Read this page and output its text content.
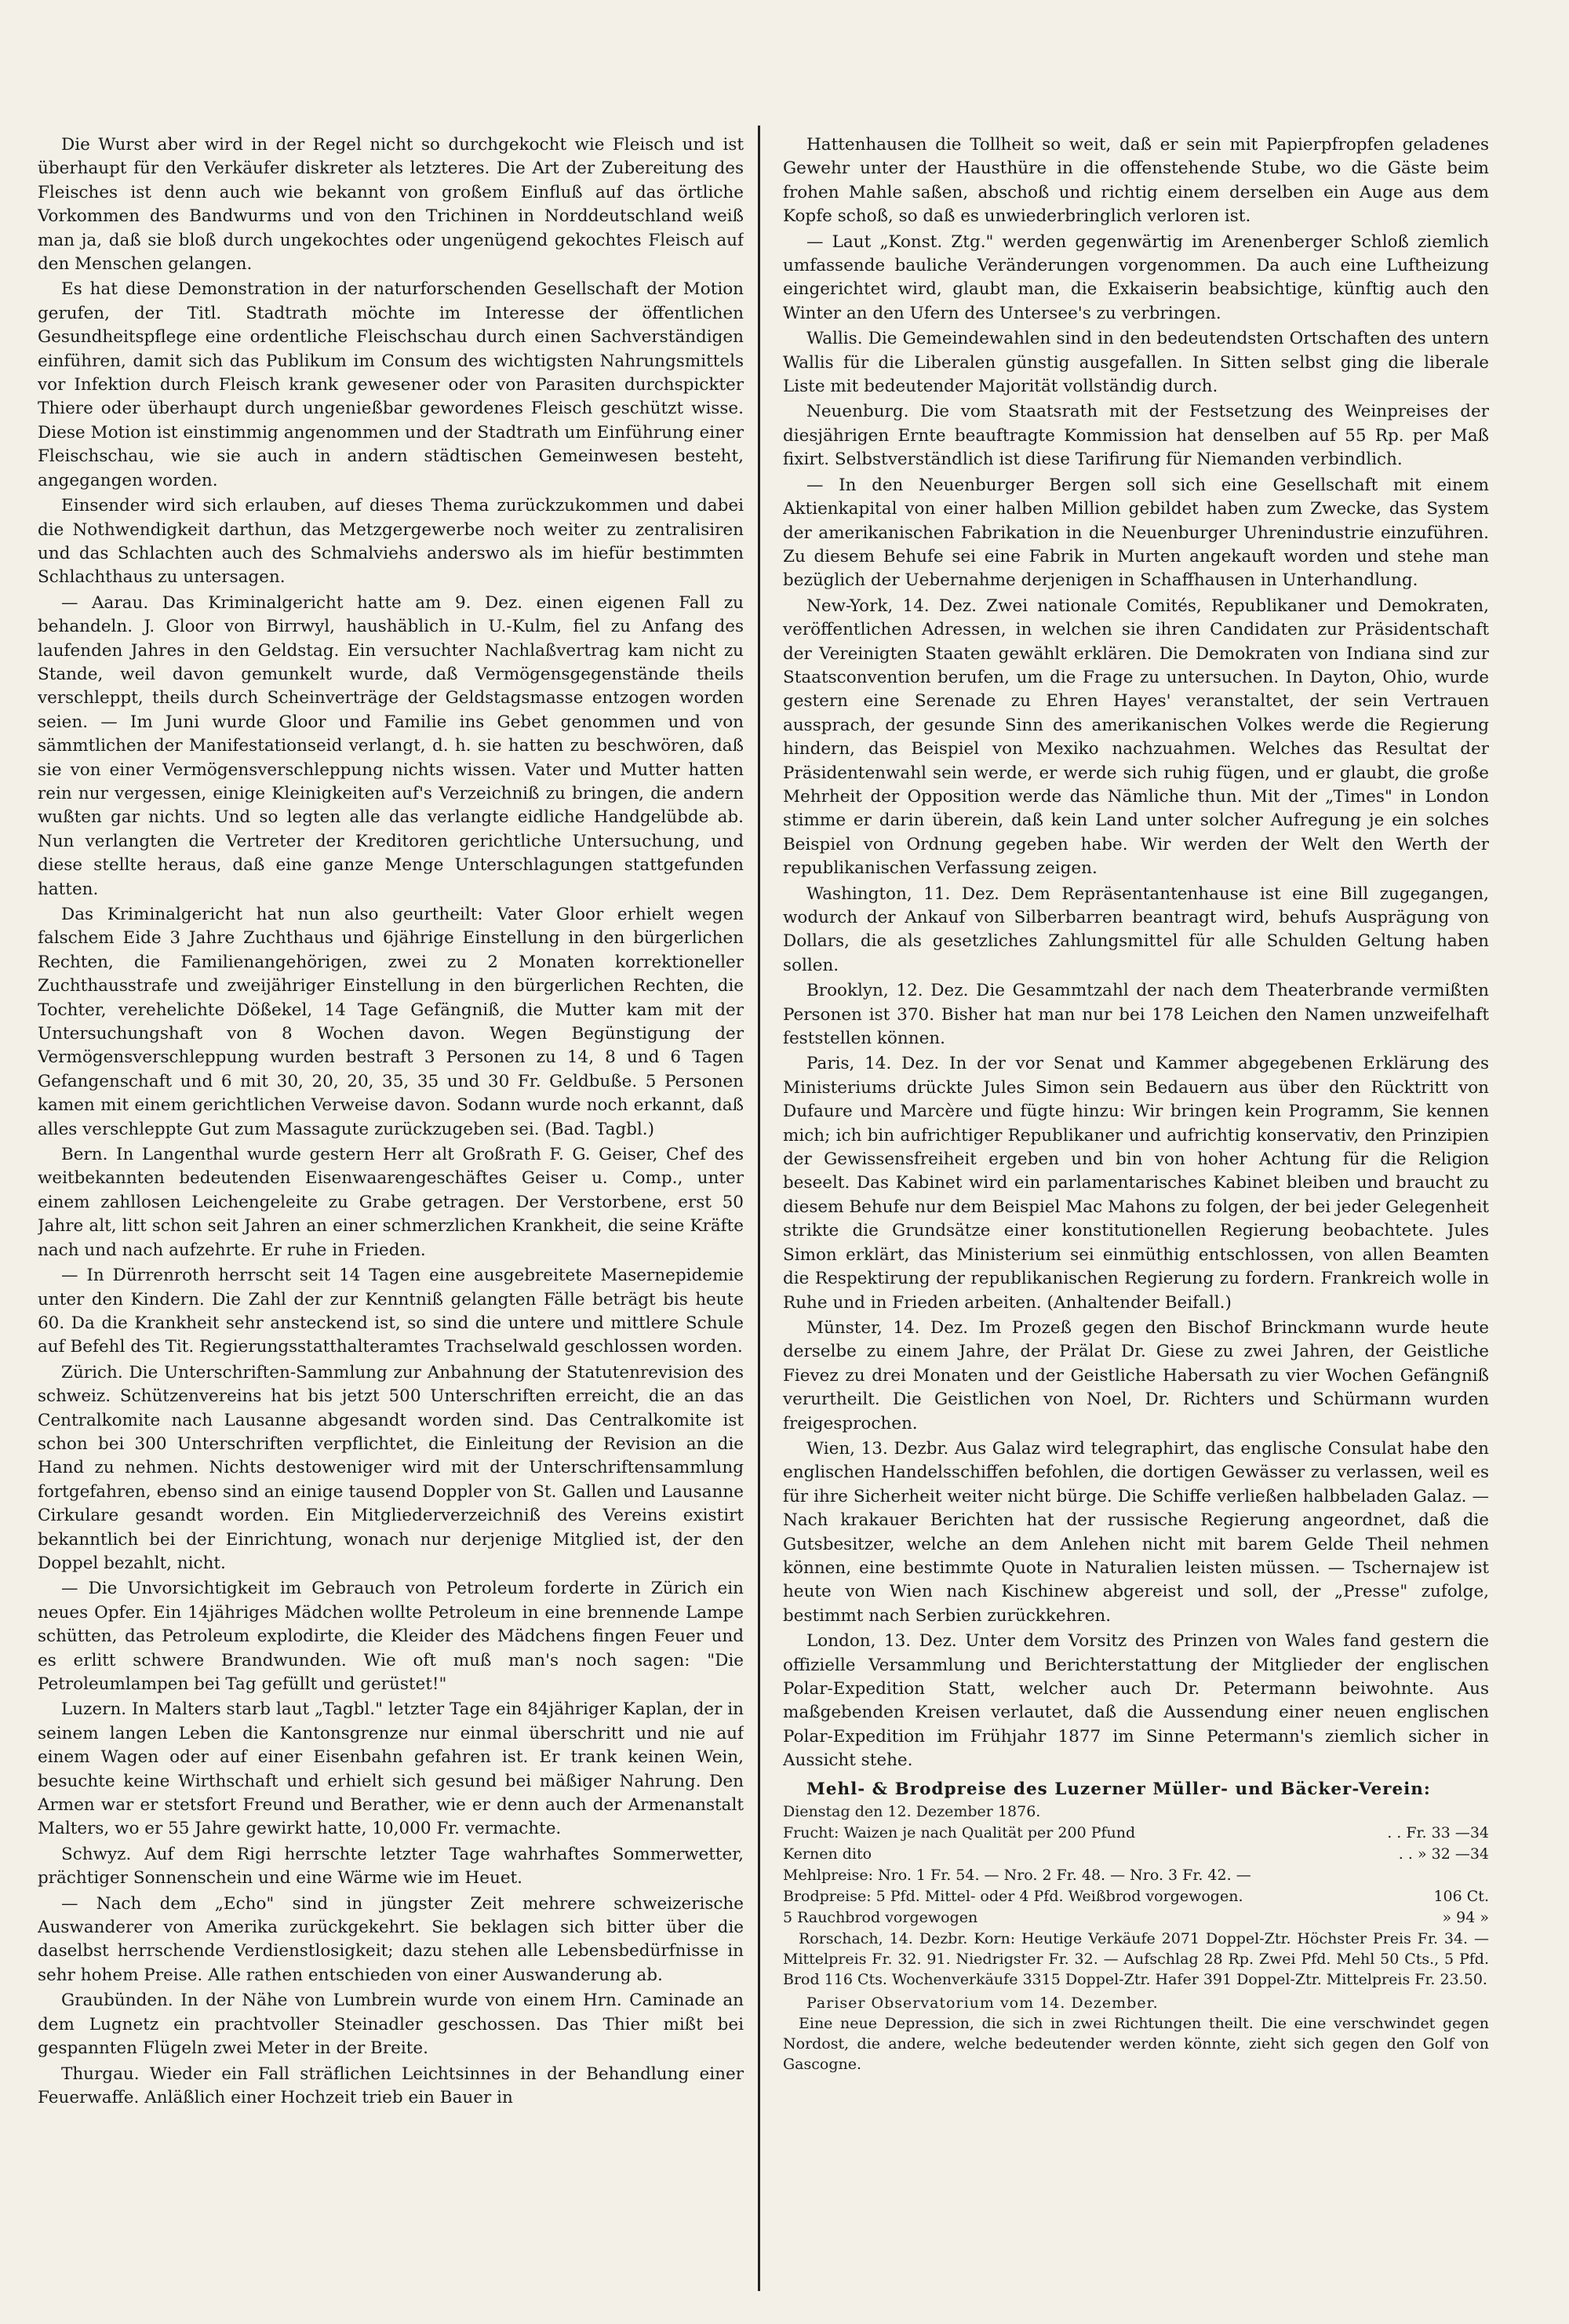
Die Wurst aber wird in der Regel nicht so durchgekocht wie Fleisch und ist überhaupt für den Verkäufer diskreter als letzteres. Die Art der Zubereitung des Fleisches ist denn auch wie bekannt von großem Einfluß auf das örtliche Vorkommen des Bandwurms und von den Trichinen in Norddeutschland weiß man ja, daß sie bloß durch ungekochtes oder ungenügend gekochtes Fleisch auf den Menschen gelangen.

Es hat diese Demonstration in der naturforschenden Gesellschaft der Motion gerufen, der Titl. Stadtrath möchte im Interesse der öffentlichen Gesundheitspflege eine ordentliche Fleischschau durch einen Sachverständigen einführen, damit sich das Publikum im Consum des wichtigsten Nahrungsmittels vor Infektion durch Fleisch krank gewesener oder von Parasiten durchspickter Thiere oder überhaupt durch ungenießbar gewordenes Fleisch geschützt wisse. Diese Motion ist einstimmig angenommen und der Stadtrath um Einführung einer Fleischschau, wie sie auch in andern städtischen Gemeinwesen besteht, angegangen worden.

Einsender wird sich erlauben, auf dieses Thema zurückzukommen und dabei die Nothwendigkeit darthun, das Metzgergewerbe noch weiter zu zentralisiren und das Schlachten auch des Schmalviehs anderswo als im hiefür bestimmten Schlachthaus zu untersagen.

— Aarau. Das Kriminalgericht hatte am 9. Dez. einen eigenen Fall zu behandeln. J. Gloor von Birrwyl, haushäblich in U.-Kulm, fiel zu Anfang des laufenden Jahres in den Geldstag. Ein versuchter Nachlaßvertrag kam nicht zu Stande, weil davon gemunkelt wurde, daß Vermögensgegenstände theils verschleppt, theils durch Scheinverträge der Geldstagsmasse entzogen worden seien. — Im Juni wurde Gloor und Familie ins Gebet genommen und von sämmtlichen der Manifestationseid verlangt, d. h. sie hatten zu beschwören, daß sie von einer Vermögensverschleppung nichts wissen. Vater und Mutter hatten rein nur vergessen, einige Kleinigkeiten auf's Verzeichniß zu bringen, die andern wußten gar nichts. Und so legten alle das verlangte eidliche Handgelübde ab. Nun verlangten die Vertreter der Kreditoren gerichtliche Untersuchung, und diese stellte heraus, daß eine ganze Menge Unterschlagungen stattgefunden hatten.

Das Kriminalgericht hat nun also geurtheilt: Vater Gloor erhielt wegen falschem Eide 3 Jahre Zuchthaus und 6jährige Einstellung in den bürgerlichen Rechten, die Familienangehörigen, zwei zu 2 Monaten korrektioneller Zuchthausstrafe und zweijähriger Einstellung in den bürgerlichen Rechten, die Tochter, verehelichte Dößekel, 14 Tage Gefängniß, die Mutter kam mit der Untersuchungshaft von 8 Wochen davon. Wegen Begünstigung der Vermögensverschleppung wurden bestraft 3 Personen zu 14, 8 und 6 Tagen Gefangenschaft und 6 mit 30, 20, 20, 35, 35 und 30 Fr. Geldbuße. 5 Personen kamen mit einem gerichtlichen Verweise davon. Sodann wurde noch erkannt, daß alles verschleppte Gut zum Massagute zurückzugeben sei. (Bad. Tagbl.)

Bern. In Langenthal wurde gestern Herr alt Großrath F. G. Geiser, Chef des weitbekannten bedeutenden Eisenwaarengeschäftes Geiser u. Comp., unter einem zahllosen Leichengeleite zu Grabe getragen. Der Verstorbene, erst 50 Jahre alt, litt schon seit Jahren an einer schmerzlichen Krankheit, die seine Kräfte nach und nach aufzehrte. Er ruhe in Frieden.

— In Dürrenroth herrscht seit 14 Tagen eine ausgebreitete Masernepidemie unter den Kindern. Die Zahl der zur Kenntniß gelangten Fälle beträgt bis heute 60. Da die Krankheit sehr ansteckend ist, so sind die untere und mittlere Schule auf Befehl des Tit. Regierungsstatthalteramtes Trachselwald geschlossen worden.

Zürich. Die Unterschriften-Sammlung zur Anbahnung der Statutenrevision des schweiz. Schützenvereins hat bis jetzt 500 Unterschriften erreicht, die an das Centralkomite nach Lausanne abgesandt worden sind. Das Centralkomite ist schon bei 300 Unterschriften verpflichtet, die Einleitung der Revision an die Hand zu nehmen. Nichts destoweniger wird mit der Unterschriftensammlung fortgefahren, ebenso sind an einige tausend Doppler von St. Gallen und Lausanne Cirkulare gesandt worden. Ein Mitgliederverzeichniß des Vereins existirt bekanntlich bei der Einrichtung, wonach nur derjenige Mitglied ist, der den Doppel bezahlt, nicht.

— Die Unvorsichtigkeit im Gebrauch von Petroleum forderte in Zürich ein neues Opfer. Ein 14jähriges Mädchen wollte Petroleum in eine brennende Lampe schütten, das Petroleum explodirte, die Kleider des Mädchens fingen Feuer und es erlitt schwere Brandwunden. Wie oft muß man's noch sagen: "Die Petroleumlampen bei Tag gefüllt und gerüstet!"

Luzern. In Malters starb laut „Tagbl." letzter Tage ein 84jähriger Kaplan, der in seinem langen Leben die Kantonsgrenze nur einmal überschritt und nie auf einem Wagen oder auf einer Eisenbahn gefahren ist. Er trank keinen Wein, besuchte keine Wirthschaft und erhielt sich gesund bei mäßiger Nahrung. Den Armen war er stetsfort Freund und Berather, wie er denn auch der Armenanstalt Malters, wo er 55 Jahre gewirkt hatte, 10,000 Fr. vermachte.

Schwyz. Auf dem Rigi herrschte letzter Tage wahrhaftes Sommerwetter, prächtiger Sonnenschein und eine Wärme wie im Heuet.

— Nach dem „Echo" sind in jüngster Zeit mehrere schweizerische Auswanderer von Amerika zurückgekehrt. Sie beklagen sich bitter über die daselbst herrschende Verdienstlosigkeit; dazu stehen alle Lebensbedürfnisse in sehr hohem Preise. Alle rathen entschieden von einer Auswanderung ab.

Graubünden. In der Nähe von Lumbrein wurde von einem Hrn. Caminade an dem Lugnetz ein prachtvoller Steinadler geschossen. Das Thier mißt bei gespannten Flügeln zwei Meter in der Breite.

Thurgau. Wieder ein Fall sträflichen Leichtsinnes in der Behandlung einer Feuerwaffe. Anläßlich einer Hochzeit trieb ein Bauer in

Hattenhausen die Tollheit so weit, daß er sein mit Papierpfropfen geladenes Gewehr unter der Hausthüre in die offenstehende Stube, wo die Gäste beim frohen Mahle saßen, abschoß und richtig einem derselben ein Auge aus dem Kopfe schoß, so daß es unwiederbringlich verloren ist.

— Laut „Konst. Ztg." werden gegenwärtig im Arenenberger Schloß ziemlich umfassende bauliche Veränderungen vorgenommen. Da auch eine Luftheizung eingerichtet wird, glaubt man, die Exkaiserin beabsichtige, künftig auch den Winter an den Ufern des Untersee's zu verbringen.

Wallis. Die Gemeindewahlen sind in den bedeutendsten Ortschaften des untern Wallis für die Liberalen günstig ausgefallen. In Sitten selbst ging die liberale Liste mit bedeutender Majorität vollständig durch.

Neuenburg. Die vom Staatsrath mit der Festsetzung des Weinpreises der diesjährigen Ernte beauftragte Kommission hat denselben auf 55 Rp. per Maß fixirt. Selbstverständlich ist diese Tarifirung für Niemanden verbindlich.

— In den Neuenburger Bergen soll sich eine Gesellschaft mit einem Aktienkapital von einer halben Million gebildet haben zum Zwecke, das System der amerikanischen Fabrikation in die Neuenburger Uhrenindustrie einzuführen. Zu diesem Behufe sei eine Fabrik in Murten angekauft worden und stehe man bezüglich der Uebernahme derjenigen in Schaffhausen in Unterhandlung.

New-York, 14. Dez. Zwei nationale Comités, Republikaner und Demokraten, veröffentlichen Adressen, in welchen sie ihren Candidaten zur Präsidentschaft der Vereinigten Staaten gewählt erklären. Die Demokraten von Indiana sind zur Staatsconvention berufen, um die Frage zu untersuchen. In Dayton, Ohio, wurde gestern eine Serenade zu Ehren Hayes' veranstaltet, der sein Vertrauen aussprach, der gesunde Sinn des amerikanischen Volkes werde die Regierung hindern, das Beispiel von Mexiko nachzuahmen. Welches das Resultat der Präsidentenwahl sein werde, er werde sich ruhig fügen, und er glaubt, die große Mehrheit der Opposition werde das Nämliche thun. Mit der „Times" in London stimme er darin überein, daß kein Land unter solcher Aufregung je ein solches Beispiel von Ordnung gegeben habe. Wir werden der Welt den Werth der republikanischen Verfassung zeigen.

Washington, 11. Dez. Dem Repräsentantenhause ist eine Bill zugegangen, wodurch der Ankauf von Silberbarren beantragt wird, behufs Ausprägung von Dollars, die als gesetzliches Zahlungsmittel für alle Schulden Geltung haben sollen.

Brooklyn, 12. Dez. Die Gesammtzahl der nach dem Theaterbrande vermißten Personen ist 370. Bisher hat man nur bei 178 Leichen den Namen unzweifelhaft feststellen können.

Paris, 14. Dez. In der vor Senat und Kammer abgegebenen Erklärung des Ministeriums drückte Jules Simon sein Bedauern aus über den Rücktritt von Dufaure und Marcère und fügte hinzu: Wir bringen kein Programm, Sie kennen mich; ich bin aufrichtiger Republikaner und aufrichtig konservativ, den Prinzipien der Gewissensfreiheit ergeben und bin von hoher Achtung für die Religion beseelt. Das Kabinet wird ein parlamentarisches Kabinet bleiben und braucht zu diesem Behufe nur dem Beispiel Mac Mahons zu folgen, der bei jeder Gelegenheit strikte die Grundsätze einer konstitutionellen Regierung beobachtete. Jules Simon erklärt, das Ministerium sei einmüthig entschlossen, von allen Beamten die Respektirung der republikanischen Regierung zu fordern. Frankreich wolle in Ruhe und in Frieden arbeiten. (Anhaltender Beifall.)

Münster, 14. Dez. Im Prozeß gegen den Bischof Brinckmann wurde heute derselbe zu einem Jahre, der Prälat Dr. Giese zu zwei Jahren, der Geistliche Fievez zu drei Monaten und der Geistliche Habersath zu vier Wochen Gefängniß verurtheilt. Die Geistlichen von Noel, Dr. Richters und Schürmann wurden freigesprochen.

Wien, 13. Dezbr. Aus Galaz wird telegraphirt, das englische Consulat habe den englischen Handelsschiffen befohlen, die dortigen Gewässer zu verlassen, weil es für ihre Sicherheit weiter nicht bürge. Die Schiffe verließen halbbeladen Galaz. — Nach krakauer Berichten hat der russische Regierung angeordnet, daß die Gutsbesitzer, welche an dem Anlehen nicht mit barem Gelde Theil nehmen können, eine bestimmte Quote in Naturalien leisten müssen. — Tschernajew ist heute von Wien nach Kischinew abgereist und soll, der „Presse" zufolge, bestimmt nach Serbien zurückkehren.

London, 13. Dez. Unter dem Vorsitz des Prinzen von Wales fand gestern die offizielle Versammlung und Berichterstattung der Mitglieder der englischen Polar-Expedition Statt, welcher auch Dr. Petermann beiwohnte. Aus maßgebenden Kreisen verlautet, daß die Aussendung einer neuen englischen Polar-Expedition im Frühjahr 1877 im Sinne Petermann's ziemlich sicher in Aussicht stehe.

Mehl- & Brodpreise des Luzerner Müller- und Bäcker-Verein:

Dienstag den 12. Dezember 1876.

Frucht: Waizen je nach Qualität per 200 Pfund	. . Fr. 33 —34

Kernen dito	. . » 32 —34

Mehlpreise: Nro. 1 Fr. 54. — Nro. 2 Fr. 48. — Nro. 3 Fr. 42. —

Brodpreise: 5 Pfd. Mittel- oder 4 Pfd. Weißbrod vorgewogen.	106 Ct.

5 Rauchbrod vorgewogen	» 94 »

Rorschach, 14. Dezbr. Korn: Heutige Verkäufe 2071 Doppel-Ztr. Höchster Preis Fr. 34. — Mittelpreis Fr. 32. 91. Niedrigster Fr. 32. — Aufschlag 28 Rp. Zwei Pfd. Mehl 50 Cts., 5 Pfd. Brod 116 Cts. Wochenverkäufe 3315 Doppel-Ztr. Hafer 391 Doppel-Ztr. Mittelpreis Fr. 23.50.

Pariser Observatorium vom 14. Dezember.

Eine neue Depression, die sich in zwei Richtungen theilt. Die eine verschwindet gegen Nordost, die andere, welche bedeutender werden könnte, zieht sich gegen den Golf von Gascogne.
